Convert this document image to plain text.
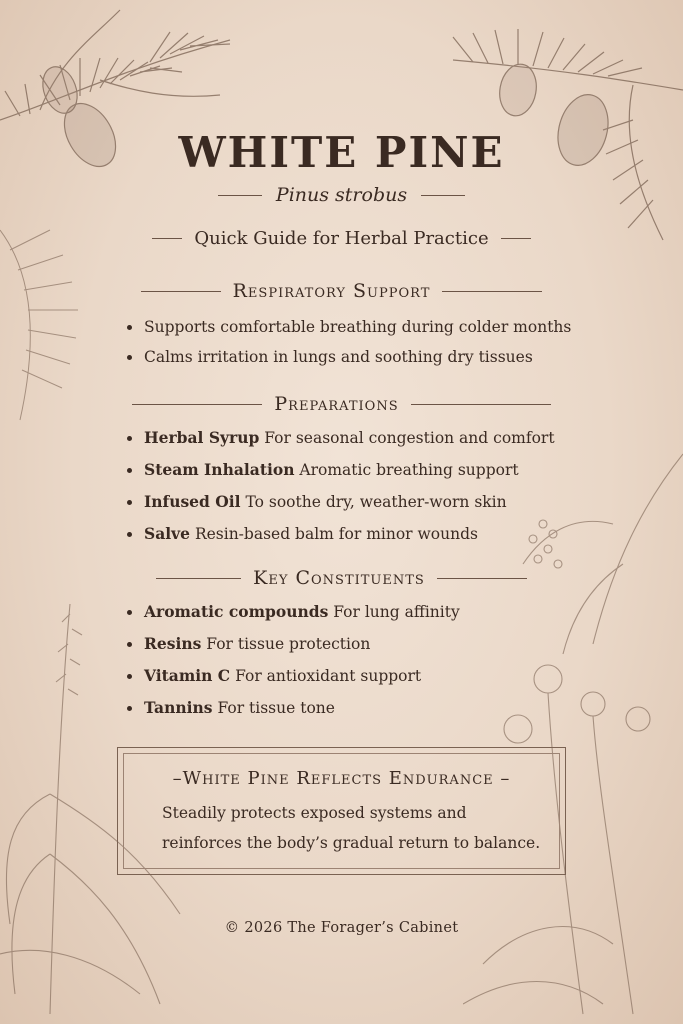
WHITE PINE
Pinus strobus
Quick Guide for Herbal Practice
Respiratory Support
Supports comfortable breathing during colder months
Calms irritation in lungs and soothing dry tissues
Preparations
Herbal Syrup For seasonal congestion and comfort
Steam Inhalation Aromatic breathing support
Infused Oil To soothe dry, weather-worn skin
Salve Resin-based balm for minor wounds
Key Constituents
Aromatic compounds For lung affinity
Resins For tissue protection
Vitamin C For antioxidant support
Tannins For tissue tone
–White Pine Reflects Endurance –
Steadily protects exposed systems and
reinforces the body’s gradual return to balance.
© 2026 The Forager’s Cabinet
